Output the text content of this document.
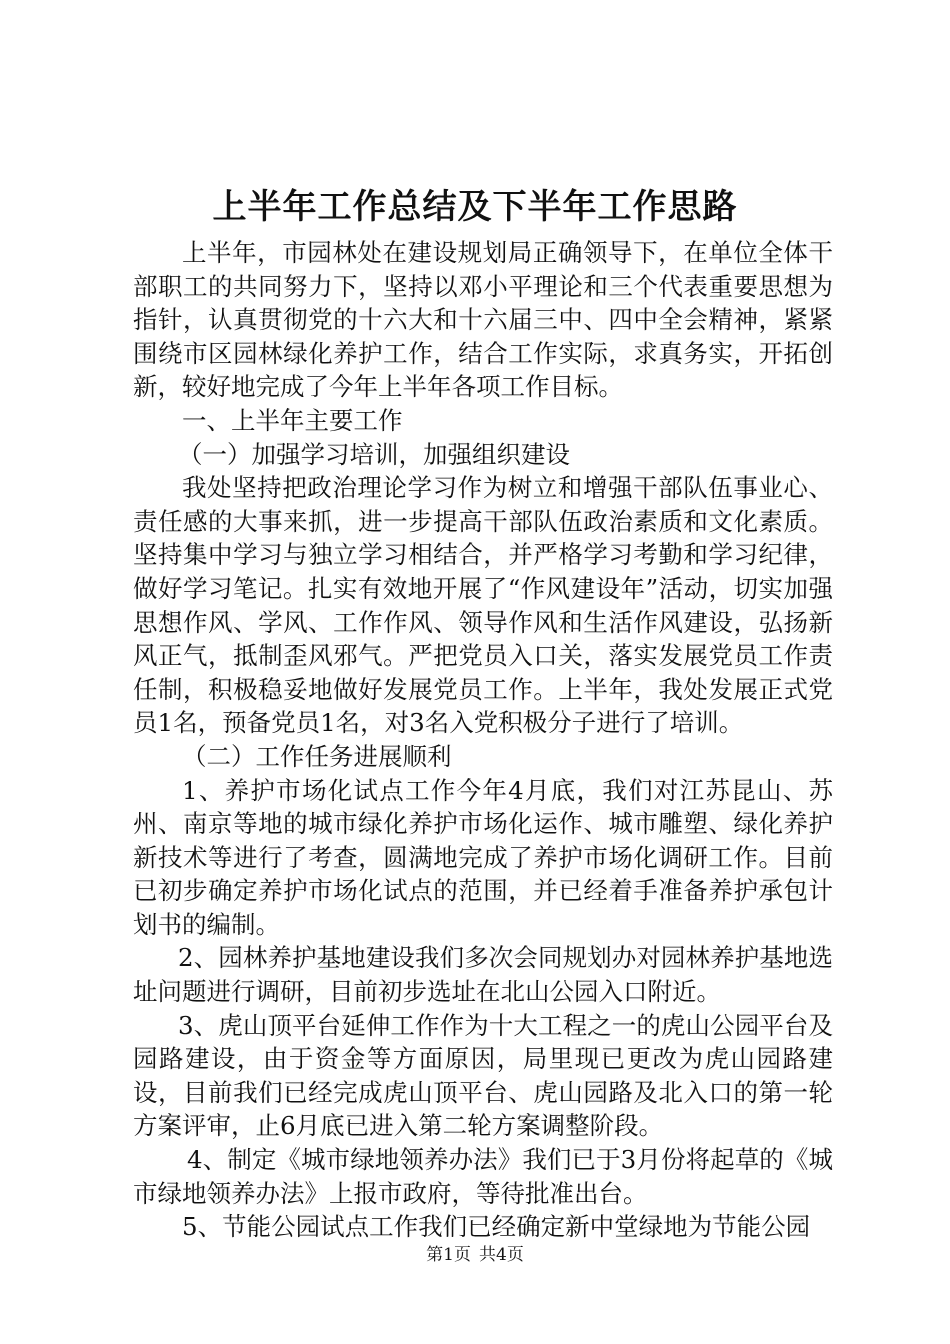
上半年工作总结及下半年工作思路

上半年，市园林处在建设规划局正确领导下，在单位全体干部职工的共同努力下，坚持以邓小平理论和三个代表重要思想为指针，认真贯彻党的十六大和十六届三中、四中全会精神，紧紧围绕市区园林绿化养护工作，结合工作实际，求真务实，开拓创新，较好地完成了今年上半年各项工作目标。

一、上半年主要工作

（一）加强学习培训，加强组织建设

我处坚持把政治理论学习作为树立和增强干部队伍事业心、责任感的大事来抓，进一步提高干部队伍政治素质和文化素质。坚持集中学习与独立学习相结合，并严格学习考勤和学习纪律，做好学习笔记。扎实有效地开展了“作风建设年”活动，切实加强思想作风、学风、工作作风、领导作风和生活作风建设，弘扬新风正气，抵制歪风邪气。严把党员入口关，落实发展党员工作责任制，积极稳妥地做好发展党员工作。上半年，我处发展正式党员1名，预备党员1名，对3名入党积极分子进行了培训。

（二）工作任务进展顺利

1、养护市场化试点工作今年4月底，我们对江苏昆山、苏州、南京等地的城市绿化养护市场化运作、城市雕塑、绿化养护新技术等进行了考查，圆满地完成了养护市场化调研工作。目前已初步确定养护市场化试点的范围，并已经着手准备养护承包计划书的编制。

2、园林养护基地建设我们多次会同规划办对园林养护基地选址问题进行调研，目前初步选址在北山公园入口附近。

3、虎山顶平台延伸工作作为十大工程之一的虎山公园平台及园路建设，由于资金等方面原因，局里现已更改为虎山园路建设，目前我们已经完成虎山顶平台、虎山园路及北入口的第一轮方案评审，止6月底已进入第二轮方案调整阶段。

4、制定《城市绿地领养办法》我们已于3月份将起草的《城市绿地领养办法》上报市政府，等待批准出台。

5、节能公园试点工作我们已经确定新中堂绿地为节能公园

第1页 共4页
